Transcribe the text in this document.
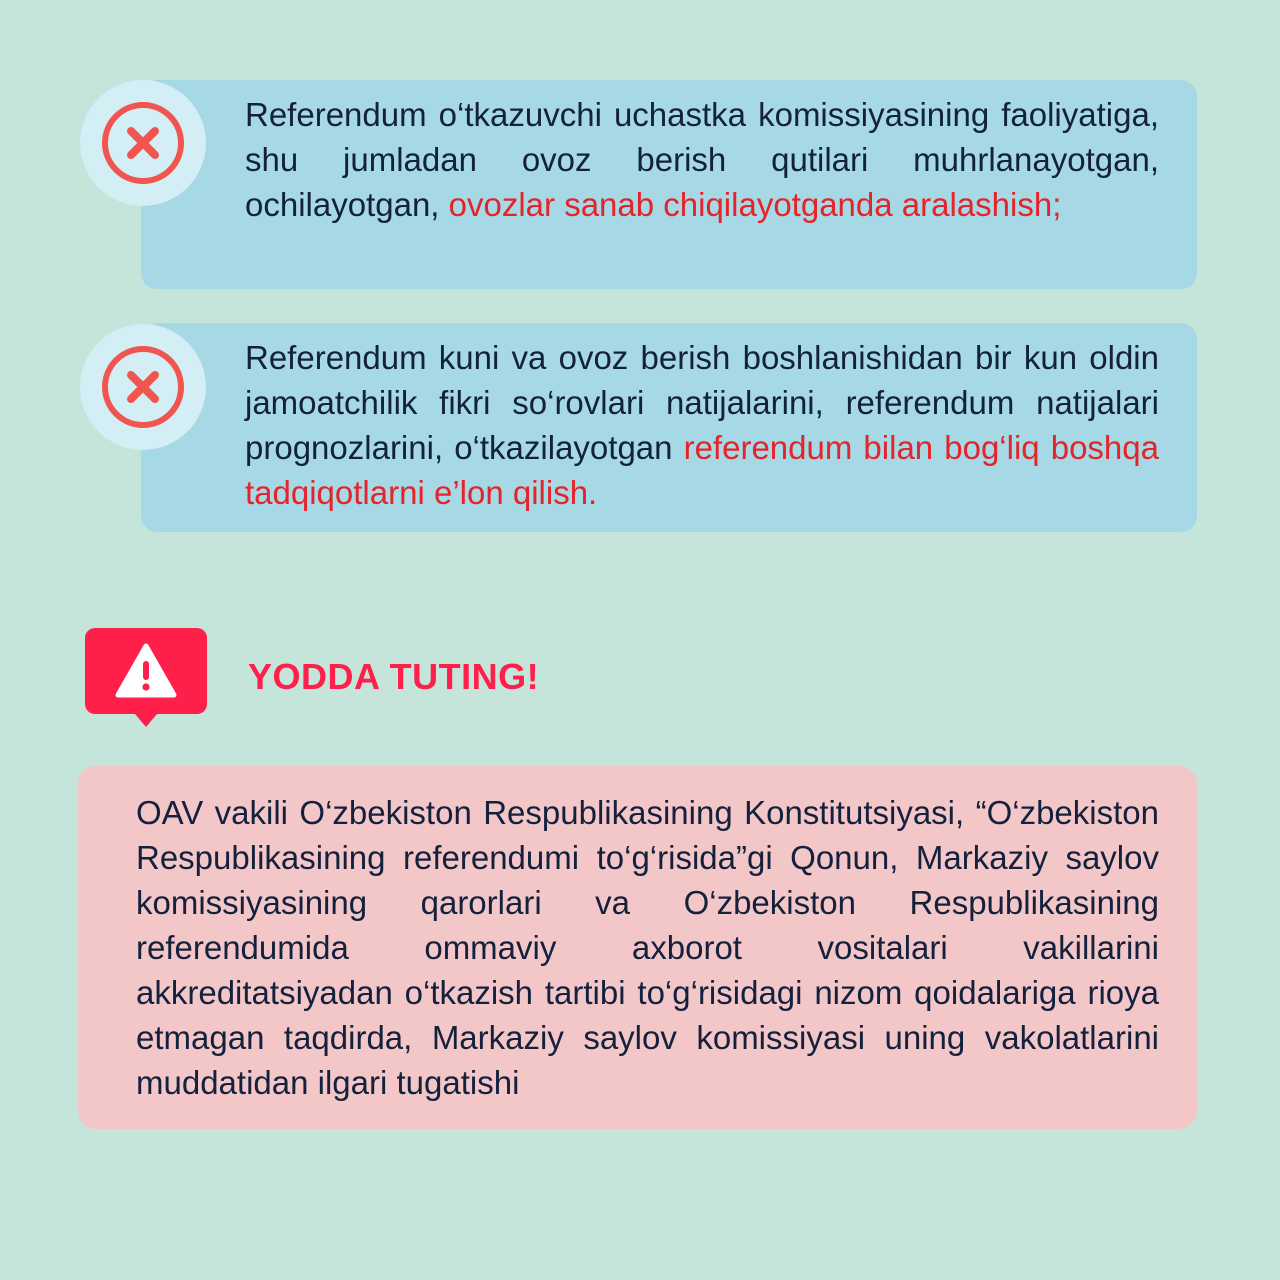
Referendum o‘tkazuvchi uchastka komissiyasining faoliyatiga, shu jumladan ovoz berish qutilari muhrlanayotgan, ochilayotgan, ovozlar sanab chiqilayotganda aralashish;

Referendum kuni va ovoz berish boshlanishidan bir kun oldin jamoatchilik fikri so‘rovlari natijalarini, referendum natijalari prognozlarini, o‘tkazilayotgan referendum bilan bog‘liq boshqa tadqiqotlarni e’lon qilish.

YODDA TUTING!

OAV vakili O‘zbekiston Respublikasining Konstitutsiyasi, “O‘zbekiston Respublikasining referendumi to‘g‘risida”gi Qonun, Markaziy saylov komissiyasining qarorlari va O‘zbekiston Respublikasining referendumida ommaviy axborot vositalari vakillarini akkreditatsiyadan o‘tkazish tartibi to‘g‘risidagi nizom qoidalariga rioya etmagan taqdirda, Markaziy saylov komissiyasi uning vakolatlarini muddatidan ilgari tugatishi
